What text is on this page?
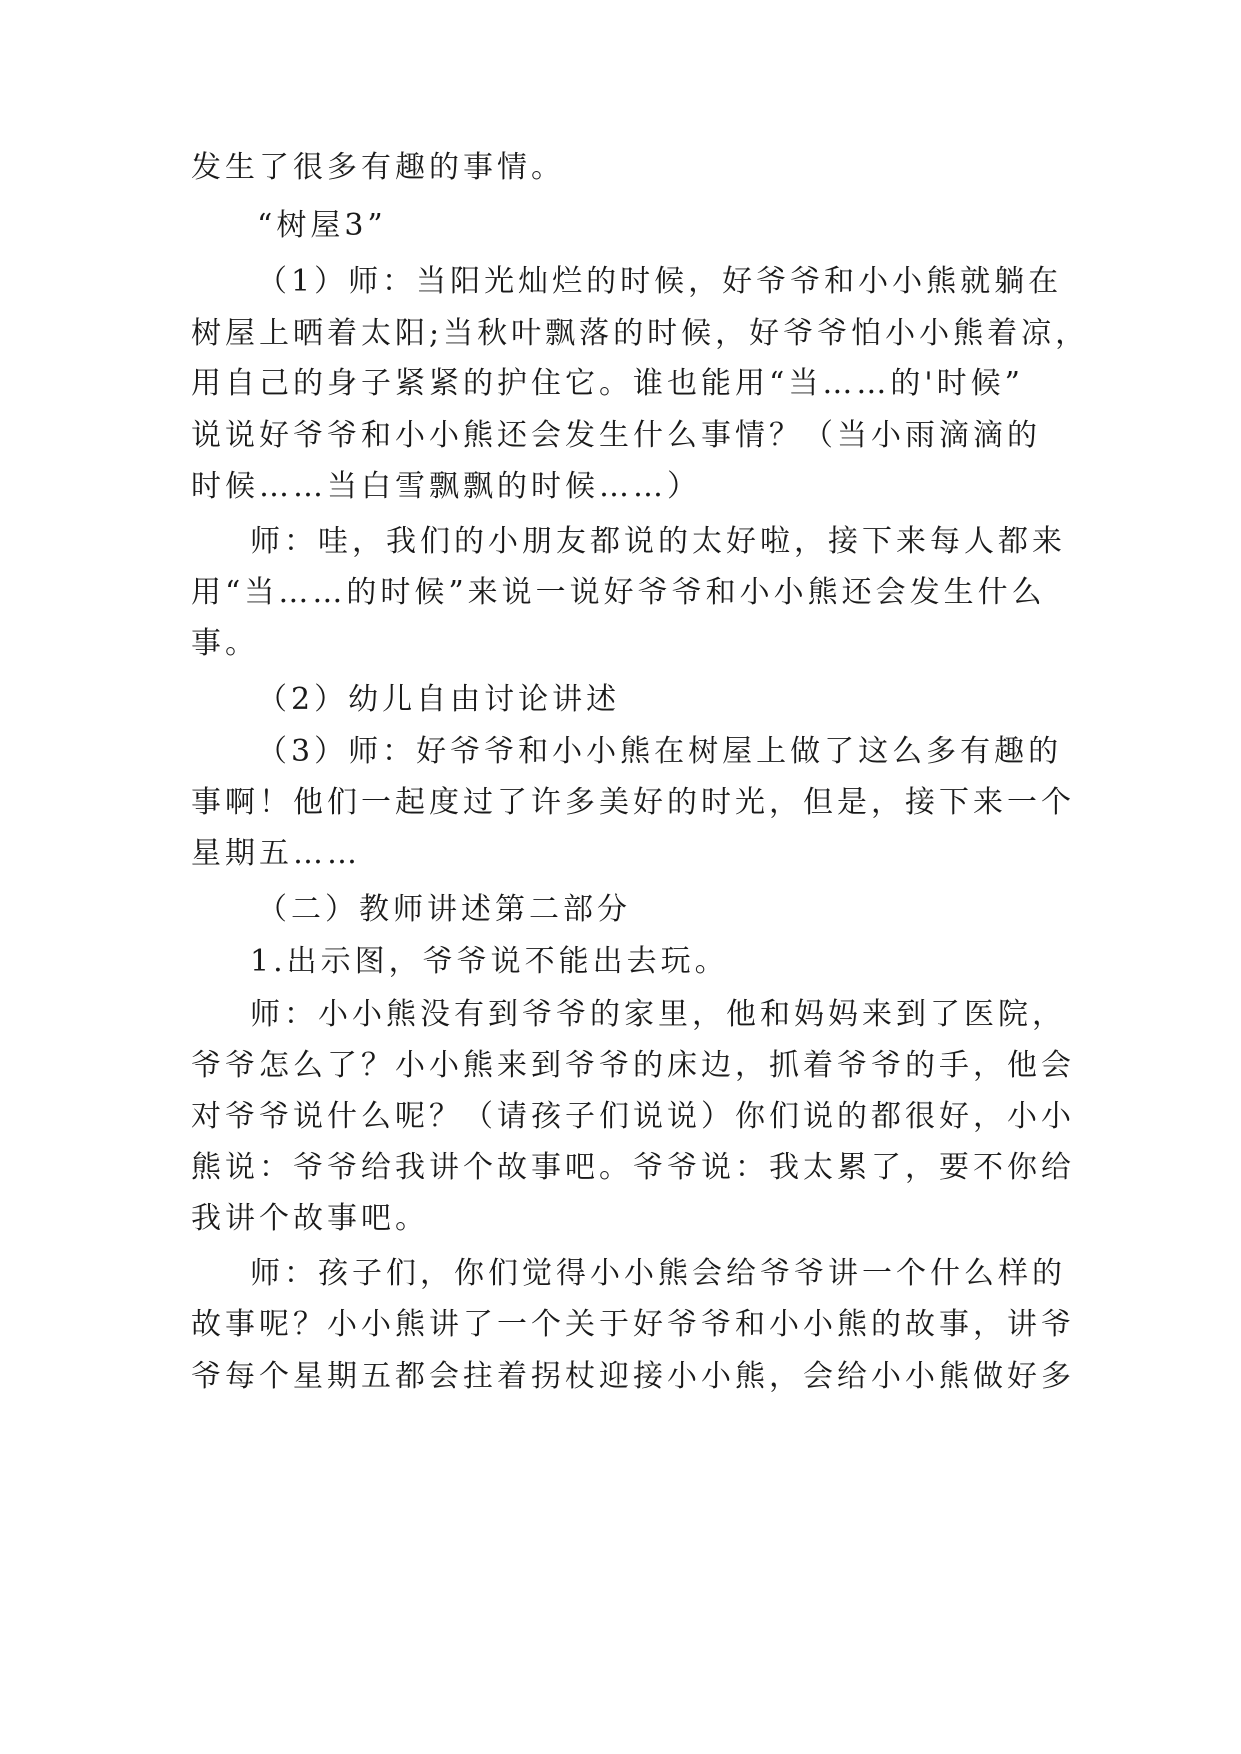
发生了很多有趣的事情。
“树屋3”
（1）师：当阳光灿烂的时候，好爷爷和小小熊就躺在
树屋上晒着太阳;当秋叶飘落的时候，好爷爷怕小小熊着凉，
用自己的身子紧紧的护住它。谁也能用“当……的'时候”
说说好爷爷和小小熊还会发生什么事情？（当小雨滴滴的
时候……当白雪飘飘的时候……）
师：哇，我们的小朋友都说的太好啦，接下来每人都来
用“当……的时候”来说一说好爷爷和小小熊还会发生什么
事。
（2）幼儿自由讨论讲述
（3）师：好爷爷和小小熊在树屋上做了这么多有趣的
事啊！他们一起度过了许多美好的时光，但是，接下来一个
星期五……
（二）教师讲述第二部分
1.出示图，爷爷说不能出去玩。
师：小小熊没有到爷爷的家里，他和妈妈来到了医院，
爷爷怎么了？小小熊来到爷爷的床边，抓着爷爷的手，他会
对爷爷说什么呢？（请孩子们说说）你们说的都很好，小小
熊说：爷爷给我讲个故事吧。爷爷说：我太累了，要不你给
我讲个故事吧。
师：孩子们，你们觉得小小熊会给爷爷讲一个什么样的
故事呢？小小熊讲了一个关于好爷爷和小小熊的故事，讲爷
爷每个星期五都会拄着拐杖迎接小小熊，会给小小熊做好多
